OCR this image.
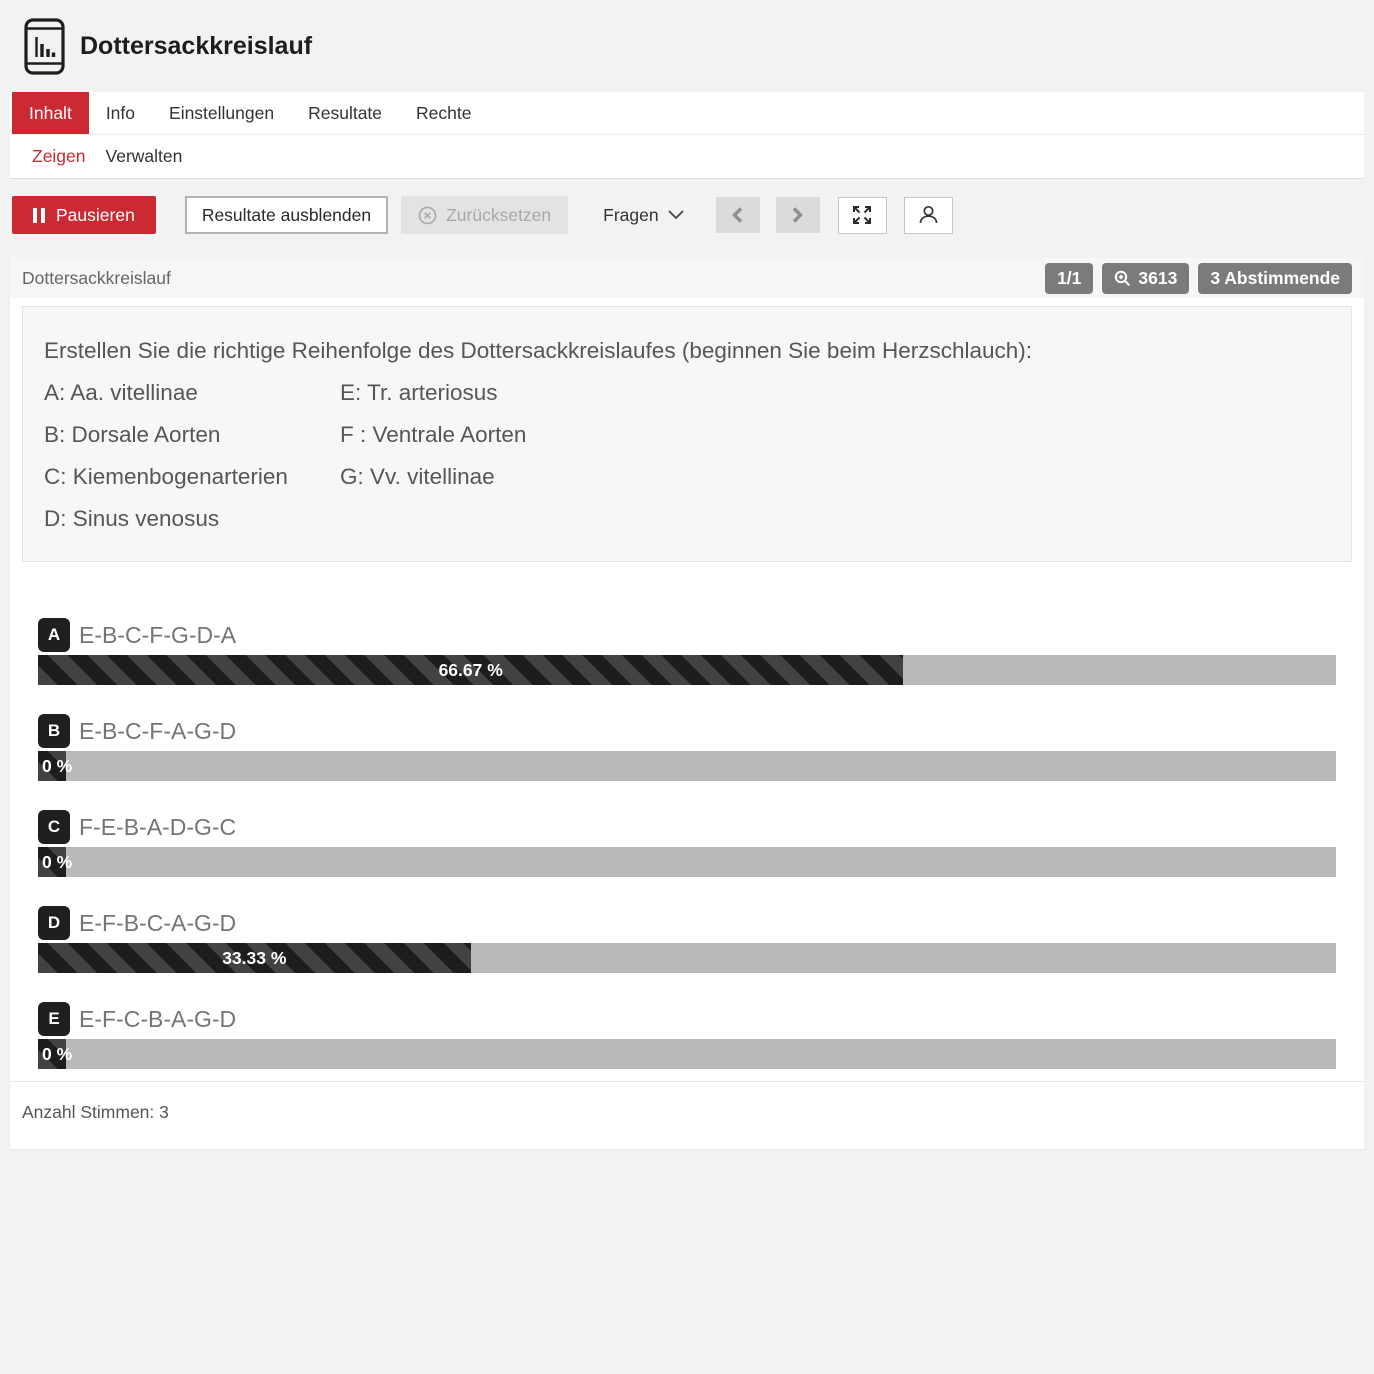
Dottersackkreislauf
Inhalt	Info	Einstellungen	Resultate	Rechte
Zeigen	Verwalten
Pausieren	Resultate ausblenden	Zurücksetzen	Fragen
Dottersackkreislauf	1/1	3613	3 Abstimmende
Erstellen Sie die richtige Reihenfolge des Dottersackkreislaufes (beginnen Sie beim Herzschlauch):
A: Aa. vitellinae	E: Tr. arteriosus
B: Dorsale Aorten	F : Ventrale Aorten
C: Kiemenbogenarterien	G: Vv. vitellinae
D: Sinus venosus
A E-B-C-F-G-D-A
66.67 %
B E-B-C-F-A-G-D
0 %
C F-E-B-A-D-G-C
0 %
D E-F-B-C-A-G-D
33.33 %
E E-F-C-B-A-G-D
0 %
Anzahl Stimmen: 3
